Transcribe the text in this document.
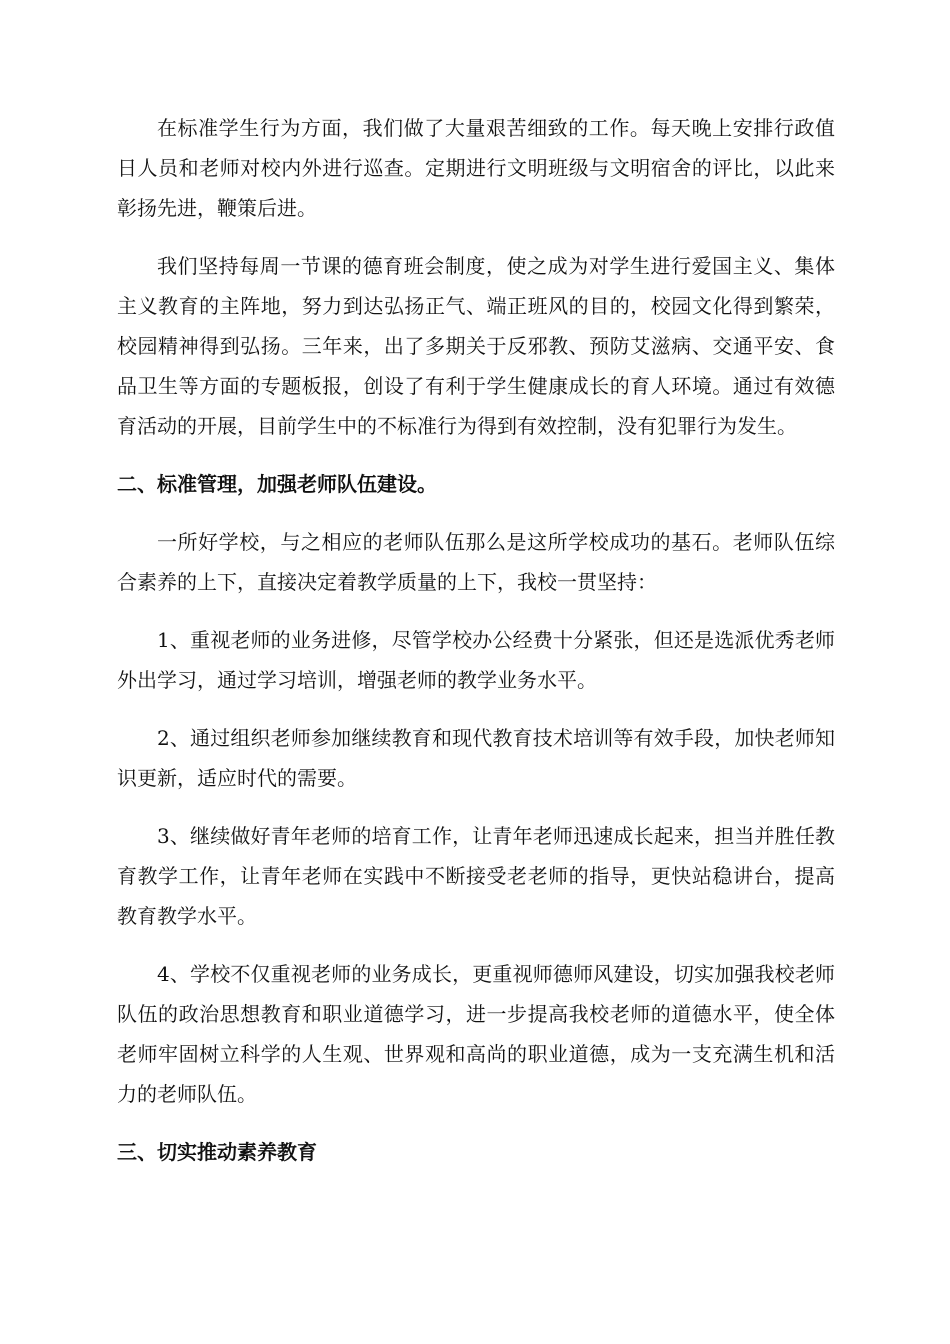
在标准学生行为方面，我们做了大量艰苦细致的工作。每天晚上安排行政值日人员和老师对校内外进行巡查。定期进行文明班级与文明宿舍的评比，以此来彰扬先进，鞭策后进。

我们坚持每周一节课的德育班会制度，使之成为对学生进行爱国主义、集体主义教育的主阵地，努力到达弘扬正气、端正班风的目的，校园文化得到繁荣，校园精神得到弘扬。三年来，出了多期关于反邪教、预防艾滋病、交通平安、食品卫生等方面的专题板报，创设了有利于学生健康成长的育人环境。通过有效德育活动的开展，目前学生中的不标准行为得到有效控制，没有犯罪行为发生。

二、标准管理，加强老师队伍建设。

一所好学校，与之相应的老师队伍那么是这所学校成功的基石。老师队伍综合素养的上下，直接决定着教学质量的上下，我校一贯坚持：

1、重视老师的业务进修，尽管学校办公经费十分紧张，但还是选派优秀老师外出学习，通过学习培训，增强老师的教学业务水平。

2、通过组织老师参加继续教育和现代教育技术培训等有效手段，加快老师知识更新，适应时代的需要。

3、继续做好青年老师的培育工作，让青年老师迅速成长起来，担当并胜任教育教学工作，让青年老师在实践中不断接受老老师的指导，更快站稳讲台，提高教育教学水平。

4、学校不仅重视老师的业务成长，更重视师德师风建设，切实加强我校老师队伍的政治思想教育和职业道德学习，进一步提高我校老师的道德水平，使全体老师牢固树立科学的人生观、世界观和高尚的职业道德，成为一支充满生机和活力的老师队伍。

三、切实推动素养教育
